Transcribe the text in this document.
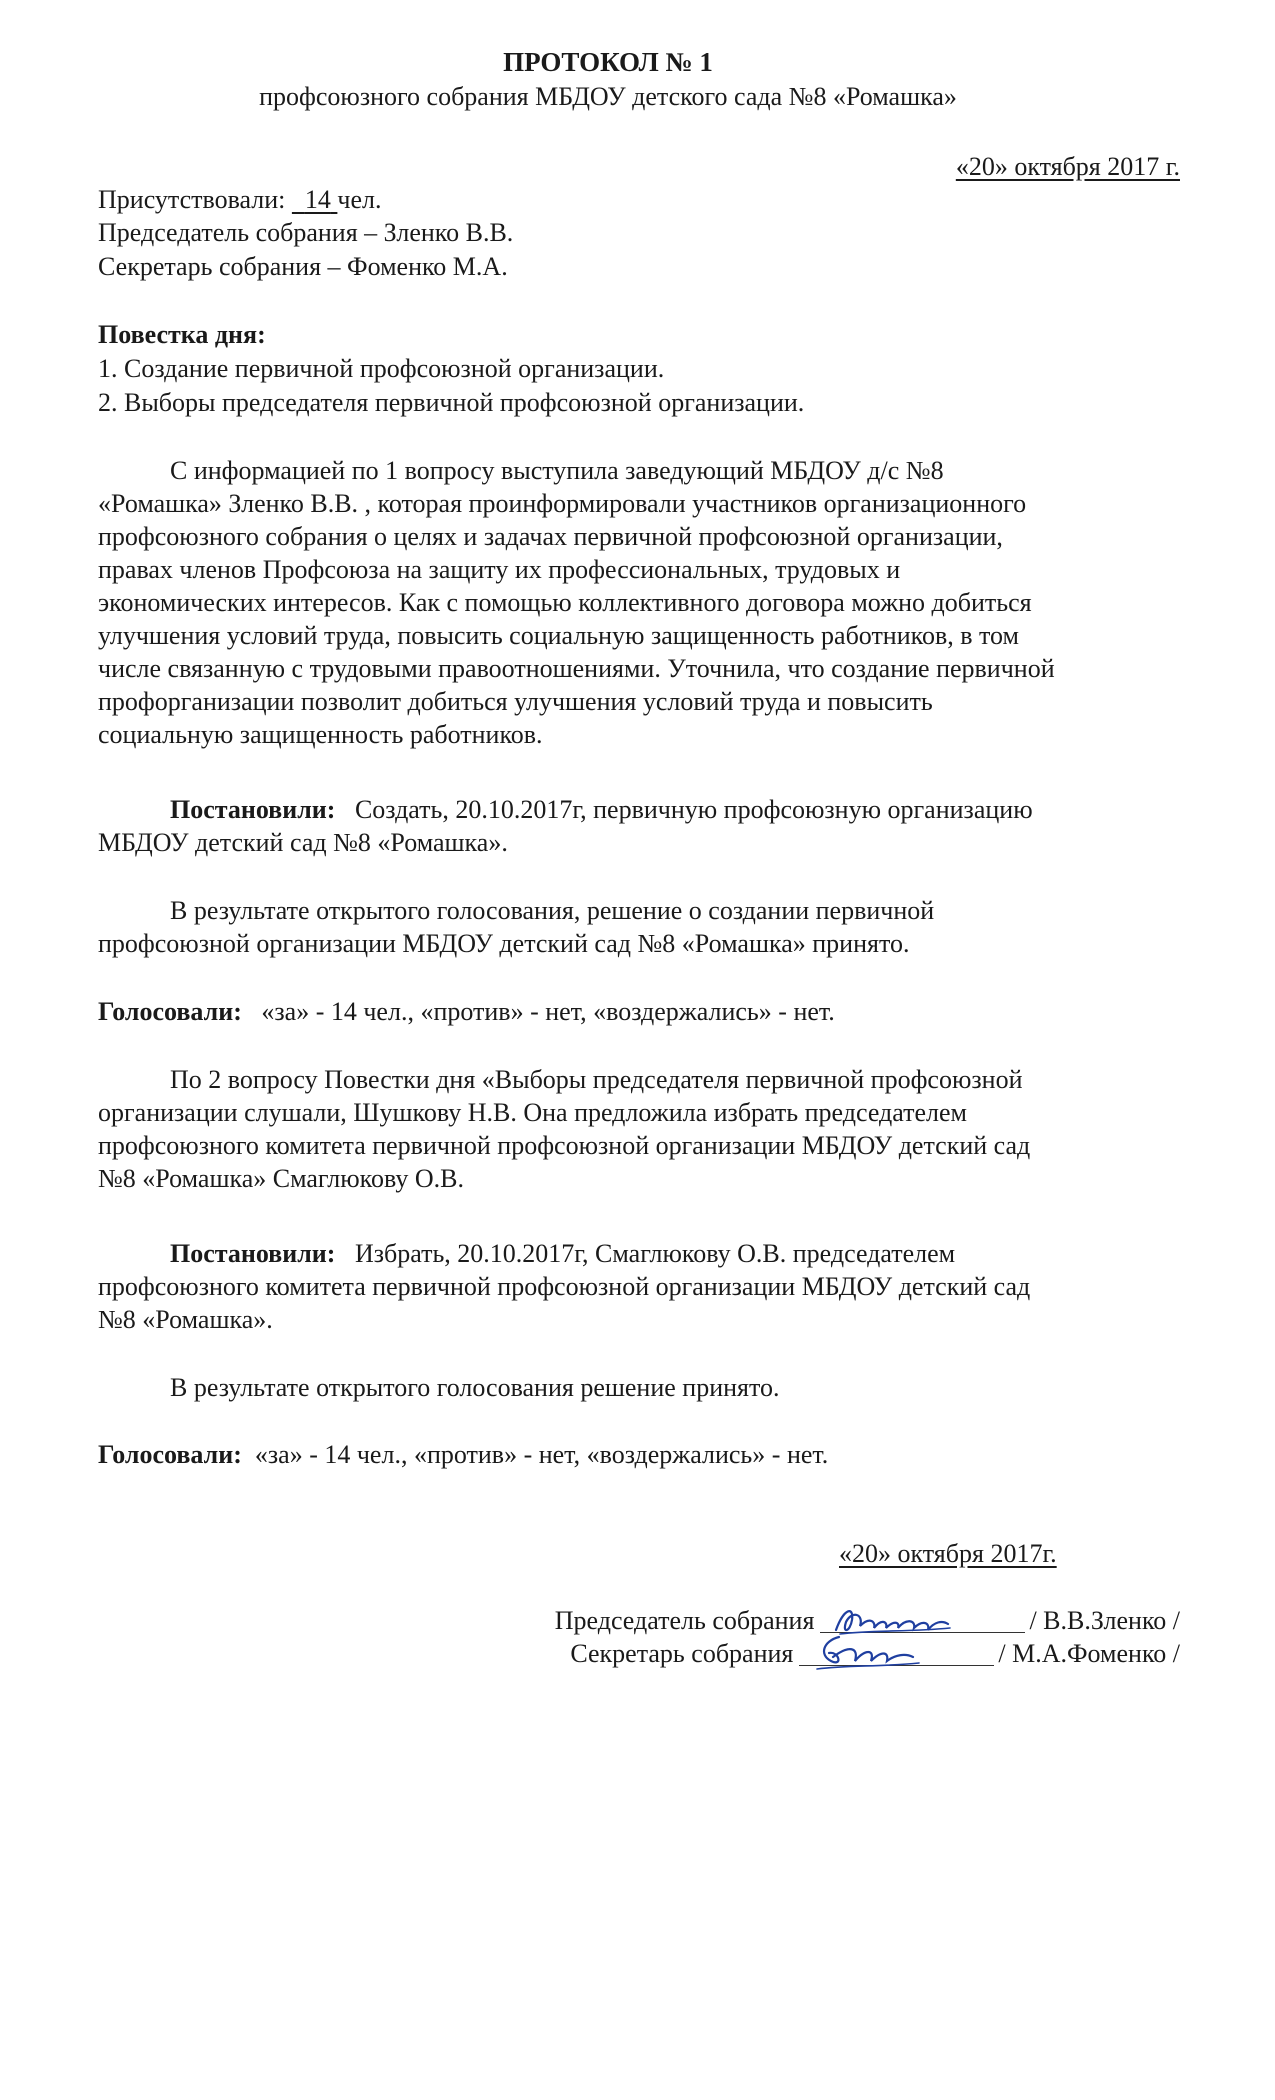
ПРОТОКОЛ № 1
профсоюзного собрания МБДОУ детского сада №8 «Ромашка»
«20» октября 2017 г.
Присутствовали: 14 чел.
Председатель собрания – Зленко В.В.
Секретарь собрания – Фоменко М.А.
Повестка дня:
1. Создание первичной профсоюзной организации.
2. Выборы председателя первичной профсоюзной организации.
С информацией по 1 вопросу выступила заведующий МБДОУ д/с №8
«Ромашка» Зленко В.В. , которая проинформировали участников организационного
профсоюзного собрания о целях и задачах первичной профсоюзной организации,
правах членов Профсоюза на защиту их профессиональных, трудовых и
экономических интересов. Как с помощью коллективного договора можно добиться
улучшения условий труда, повысить социальную защищенность работников, в том
числе связанную с трудовыми правоотношениями. Уточнила, что создание первичной
профорганизации позволит добиться улучшения условий труда и повысить
социальную защищенность работников.
Постановили: Создать, 20.10.2017г, первичную профсоюзную организацию
МБДОУ детский сад №8 «Ромашка».
В результате открытого голосования, решение о создании первичной
профсоюзной организации МБДОУ детский сад №8 «Ромашка» принято.
Голосовали: «за» - 14 чел., «против» - нет, «воздержались» - нет.
По 2 вопросу Повестки дня «Выборы председателя первичной профсоюзной
организации слушали, Шушкову Н.В. Она предложила избрать председателем
профсоюзного комитета первичной профсоюзной организации МБДОУ детский сад
№8 «Ромашка» Смаглюкову О.В.
Постановили: Избрать, 20.10.2017г, Смаглюкову О.В. председателем
профсоюзного комитета первичной профсоюзной организации МБДОУ детский сад
№8 «Ромашка».
В результате открытого голосования решение принято.
Голосовали: «за» - 14 чел., «против» - нет, «воздержались» - нет.
«20» октября 2017г.
Председатель собрания	/ В.В.Зленко /
Секретарь собрания	/ М.А.Фоменко /
